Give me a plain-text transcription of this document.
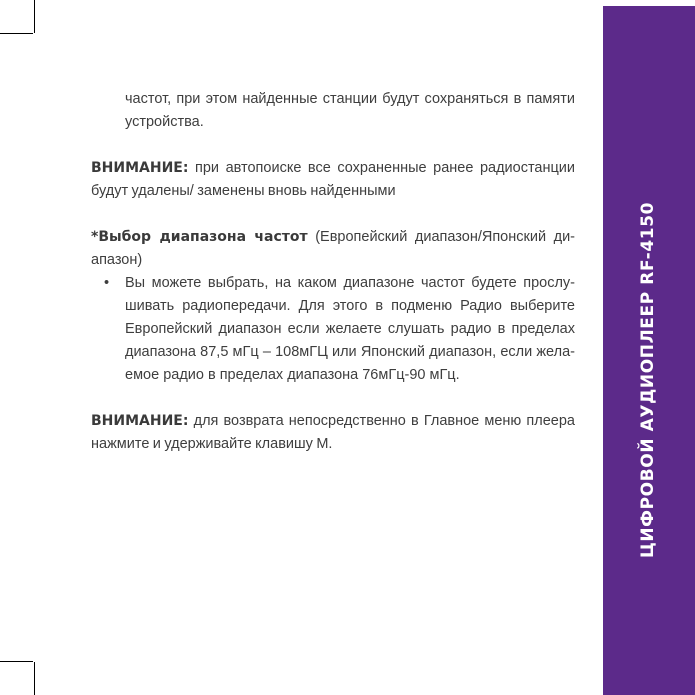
ЦИФРОВОЙ АУДИОПЛЕЕР RF-4150
частот, при этом найденные станции будут сохраняться в памяти
устройства.
ВНИМАНИЕ: при автопоиске все сохраненные ранее радиостанции
будут удалены/ заменены вновь найденными
*Выбор диапазона частот (Европейский диапазон/Японский ди-
апазон)
• Вы можете выбрать, на каком диапазоне частот будете прослу-
шивать радиопередачи. Для этого в подменю Радио выберите
Европейский диапазон если желаете слушать радио в пределах
диапазона 87,5 мГц – 108мГЦ или Японский диапазон, если жела-
емое радио в пределах диапазона 76мГц-90 мГц.
ВНИМАНИЕ: для возврата непосредственно в Главное меню плеера
нажмите и удерживайте клавишу М.
